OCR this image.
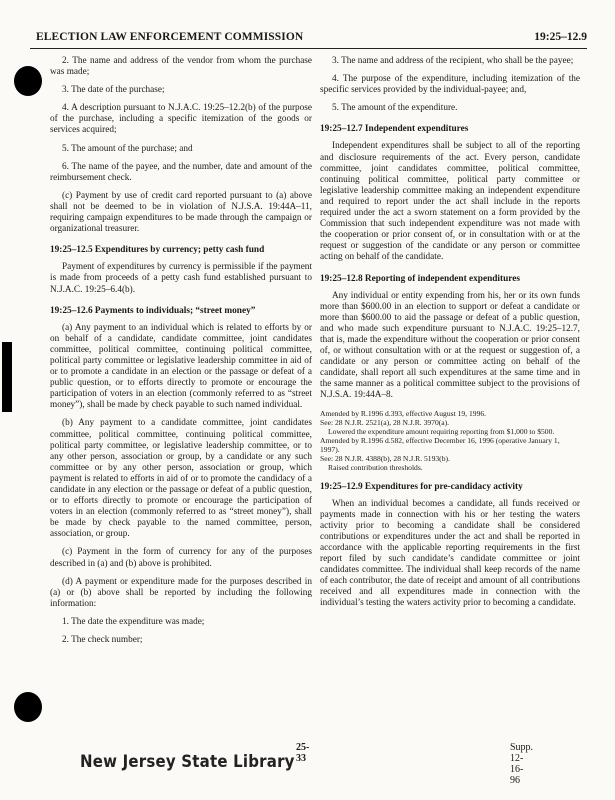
ELECTION LAW ENFORCEMENT COMMISSION	19:25–12.9

2. The name and address of the vendor from whom the purchase was made;

3. The date of the purchase;

4. A description pursuant to N.J.A.C. 19:25–12.2(b) of the purpose of the purchase, including a specific itemization of the goods or services acquired;

5. The amount of the purchase; and

6. The name of the payee, and the number, date and amount of the reimbursement check.

(c) Payment by use of credit card reported pursuant to (a) above shall not be deemed to be in violation of N.J.S.A. 19:44A–11, requiring campaign expenditures to be made through the campaign or organizational treasurer.

19:25–12.5 Expenditures by currency; petty cash fund

Payment of expenditures by currency is permissible if the payment is made from proceeds of a petty cash fund established pursuant to N.J.A.C. 19:25–6.4(b).

19:25–12.6 Payments to individuals; “street money”

(a) Any payment to an individual which is related to efforts by or on behalf of a candidate, candidate committee, joint candidates committee, political committee, continuing political committee, political party committee or legislative leadership committee in aid of or to promote a candidate in an election or the passage or defeat of a public question, or to efforts directly to promote or encourage the participation of voters in an election (commonly referred to as “street money”), shall be made by check payable to such named individual.

(b) Any payment to a candidate committee, joint candidates committee, political committee, continuing political committee, political party committee, or legislative leadership committee, or to any other person, association or group, by a candidate or any such committee or by any other person, association or group, which payment is related to efforts in aid of or to promote the candidacy of a candidate in any election or the passage or defeat of a public question, or to efforts directly to promote or encourage the participation of voters in an election (commonly referred to as “street money”), shall be made by check payable to the named committee, person, association, or group.

(c) Payment in the form of currency for any of the purposes described in (a) and (b) above is prohibited.

(d) A payment or expenditure made for the purposes described in (a) or (b) above shall be reported by including the following information:

1. The date the expenditure was made;

2. The check number;

3. The name and address of the recipient, who shall be the payee;

4. The purpose of the expenditure, including itemization of the specific services provided by the individual-payee; and,

5. The amount of the expenditure.

19:25–12.7 Independent expenditures

Independent expenditures shall be subject to all of the reporting and disclosure requirements of the act. Every person, candidate committee, joint candidates committee, political committee, continuing political committee, political party committee or legislative leadership committee making an independent expenditure and required to report under the act shall include in the reports required under the act a sworn statement on a form provided by the Commission that such independent expenditure was not made with the cooperation or prior consent of, or in consultation with or at the request or suggestion of the candidate or any person or committee acting on behalf of the candidate.

19:25–12.8 Reporting of independent expenditures

Any individual or entity expending from his, her or its own funds more than $600.00 in an election to support or defeat a candidate or more than $600.00 to aid the passage or defeat of a public question, and who made such expenditure pursuant to N.J.A.C. 19:25–12.7, that is, made the expenditure without the cooperation or prior consent of, or without consultation with or at the request or suggestion of, a candidate or any person or committee acting on behalf of the candidate, shall report all such expenditures at the same time and in the same manner as a political committee subject to the provisions of N.J.S.A. 19:44A–8.

Amended by R.1996 d.393, effective August 19, 1996.

See: 28 N.J.R. 2521(a), 28 N.J.R. 3970(a).

Lowered the expenditure amount requiring reporting from $1,000 to $500.

Amended by R.1996 d.582, effective December 16, 1996 (operative January 1, 1997).

See: 28 N.J.R. 4388(b), 28 N.J.R. 5193(b).

Raised contribution thresholds.

19:25–12.9 Expenditures for pre-candidacy activity

When an individual becomes a candidate, all funds received or payments made in connection with his or her testing the waters activity prior to becoming a candidate shall be considered contributions or expenditures under the act and shall be reported in accordance with the applicable reporting requirements in the first report filed by such candidate’s candidate committee or joint candidates committee. The individual shall keep records of the name of each contributor, the date of receipt and amount of all contributions received and all expenditures made in connection with the individual’s testing the waters activity prior to becoming a candidate.

25-33
Supp. 12-16-96
New Jersey State Library
